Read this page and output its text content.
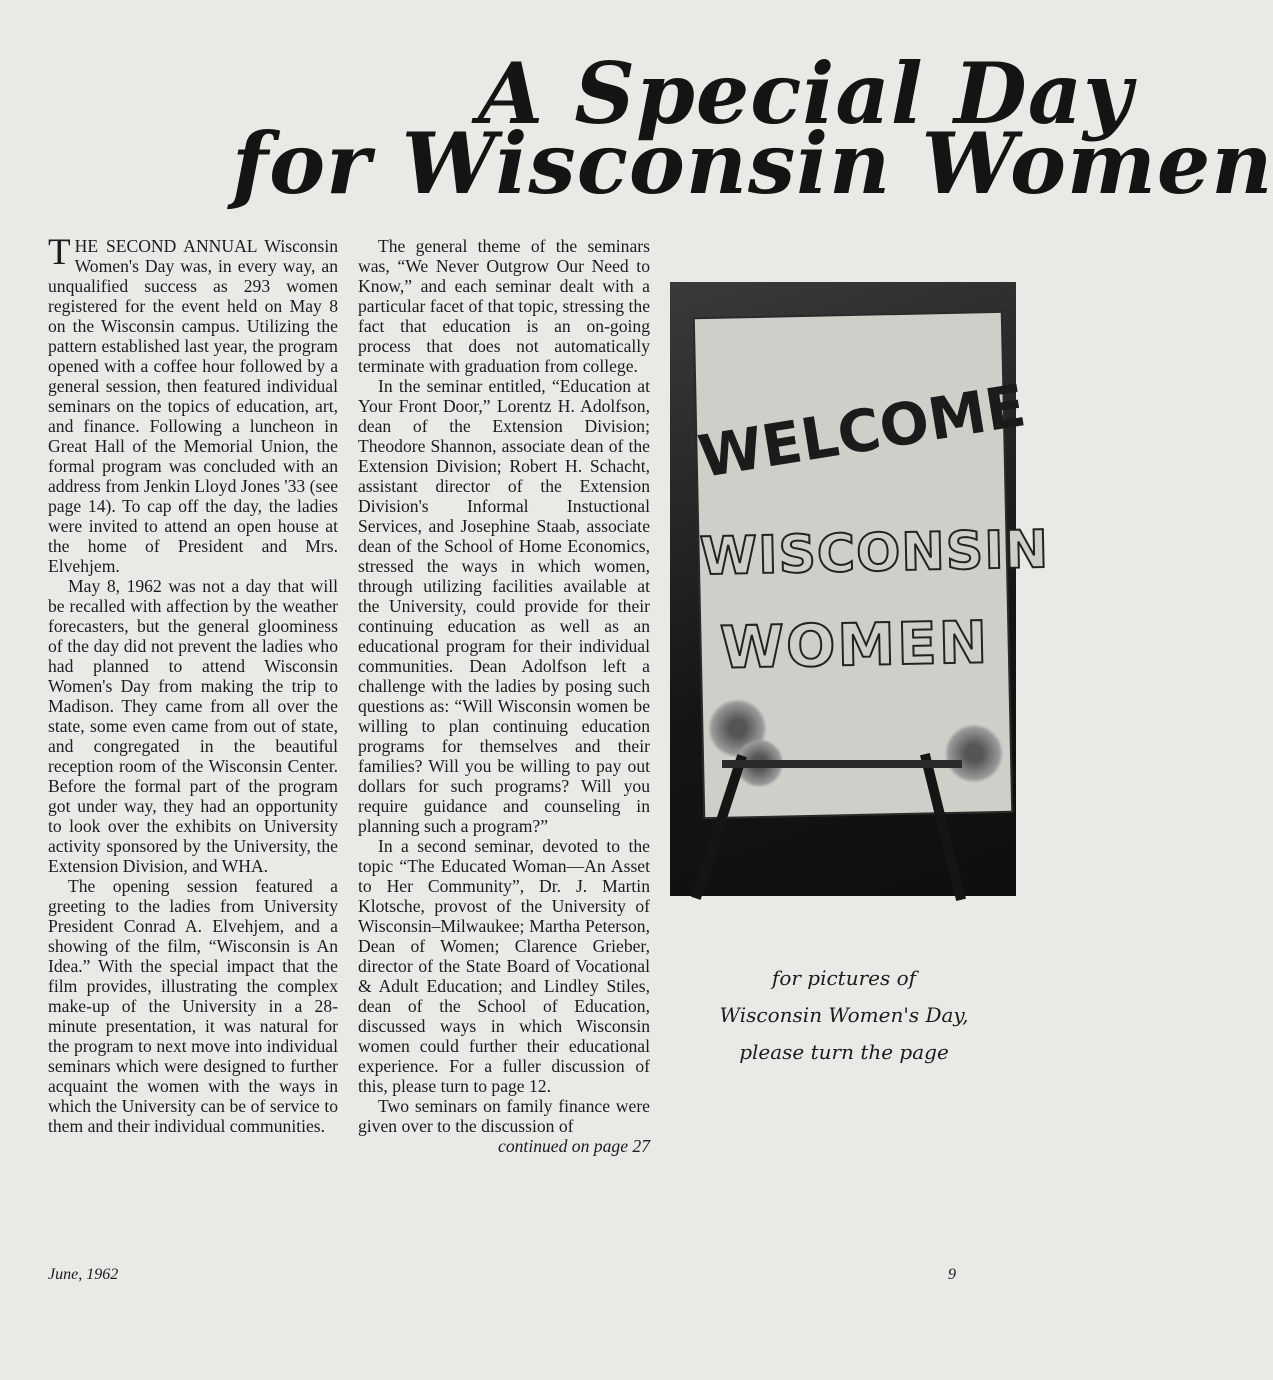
A Special Day
for Wisconsin Women

THE SECOND ANNUAL Wisconsin Women's Day was, in every way, an unqualified success as 293 women registered for the event held on May 8 on the Wisconsin campus. Utilizing the pattern established last year, the program opened with a coffee hour followed by a general session, then featured individual seminars on the topics of education, art, and finance. Following a luncheon in Great Hall of the Memorial Union, the formal program was concluded with an address from Jenkin Lloyd Jones '33 (see page 14). To cap off the day, the ladies were invited to attend an open house at the home of President and Mrs. Elvehjem.

May 8, 1962 was not a day that will be recalled with affection by the weather forecasters, but the general gloominess of the day did not prevent the ladies who had planned to attend Wisconsin Women's Day from making the trip to Madison. They came from all over the state, some even came from out of state, and congregated in the beautiful reception room of the Wisconsin Center. Before the formal part of the program got under way, they had an opportunity to look over the exhibits on University activity sponsored by the University, the Extension Division, and WHA.

The opening session featured a greeting to the ladies from University President Conrad A. Elvehjem, and a showing of the film, “Wisconsin is An Idea.” With the special impact that the film provides, illustrating the complex make-up of the University in a 28-minute presentation, it was natural for the program to next move into individual seminars which were designed to further acquaint the women with the ways in which the University can be of service to them and their individual communities.

The general theme of the seminars was, “We Never Outgrow Our Need to Know,” and each seminar dealt with a particular facet of that topic, stressing the fact that education is an on-going process that does not automatically terminate with graduation from college.

In the seminar entitled, “Education at Your Front Door,” Lorentz H. Adolfson, dean of the Extension Division; Theodore Shannon, associate dean of the Extension Division; Robert H. Schacht, assistant director of the Extension Division's Informal Instuctional Services, and Josephine Staab, associate dean of the School of Home Economics, stressed the ways in which women, through utilizing facilities available at the University, could provide for their continuing education as well as an educational program for their individual communities. Dean Adolfson left a challenge with the ladies by posing such questions as: “Will Wisconsin women be willing to plan continuing education programs for themselves and their families? Will you be willing to pay out dollars for such programs? Will you require guidance and counseling in planning such a program?”

In a second seminar, devoted to the topic “The Educated Woman—An Asset to Her Community”, Dr. J. Martin Klotsche, provost of the University of Wisconsin–Milwaukee; Martha Peterson, Dean of Women; Clarence Grieber, director of the State Board of Vocational & Adult Education; and Lindley Stiles, dean of the School of Education, discussed ways in which Wisconsin women could further their educational experience. For a fuller discussion of this, please turn to page 12.

Two seminars on family finance were given over to the discussion of

continued on page 27

WELCOME
WISCONSIN
WOMEN
for pictures of
Wisconsin Women's Day,
please turn the page
June, 1962	9
